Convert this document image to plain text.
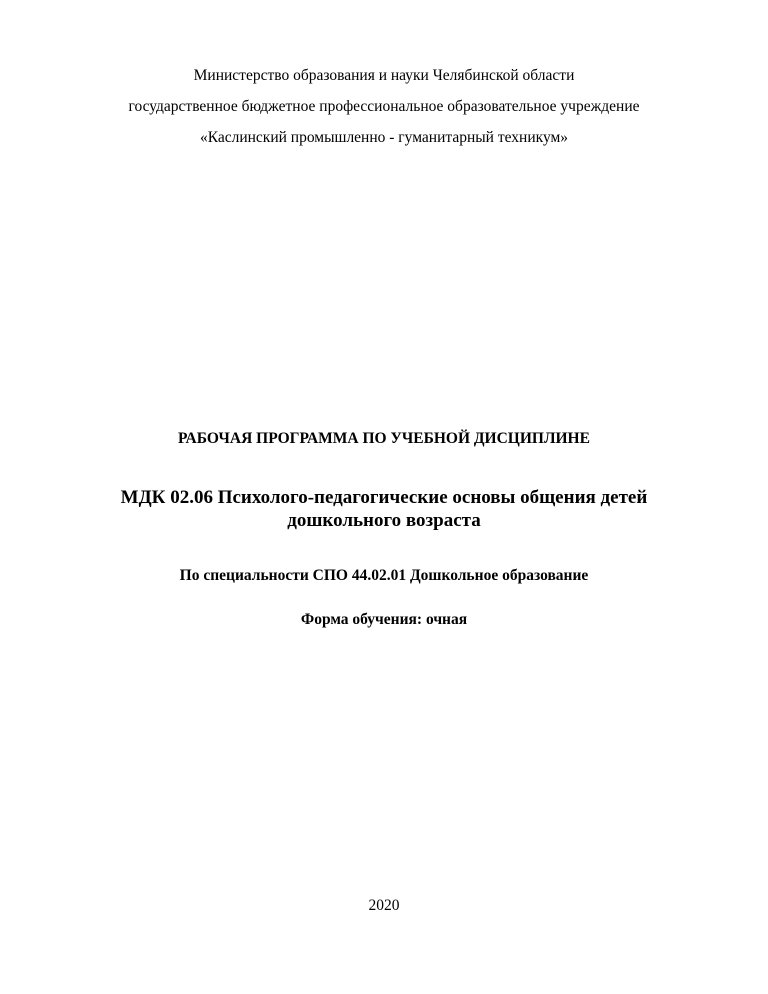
Министерство образования и науки Челябинской области
государственное бюджетное профессиональное образовательное учреждение
«Каслинский промышленно - гуманитарный техникум»
РАБОЧАЯ ПРОГРАММА ПО УЧЕБНОЙ ДИСЦИПЛИНЕ
МДК 02.06 Психолого-педагогические основы общения детей
дошкольного возраста
По специальности СПО 44.02.01 Дошкольное образование
Форма обучения: очная
2020
